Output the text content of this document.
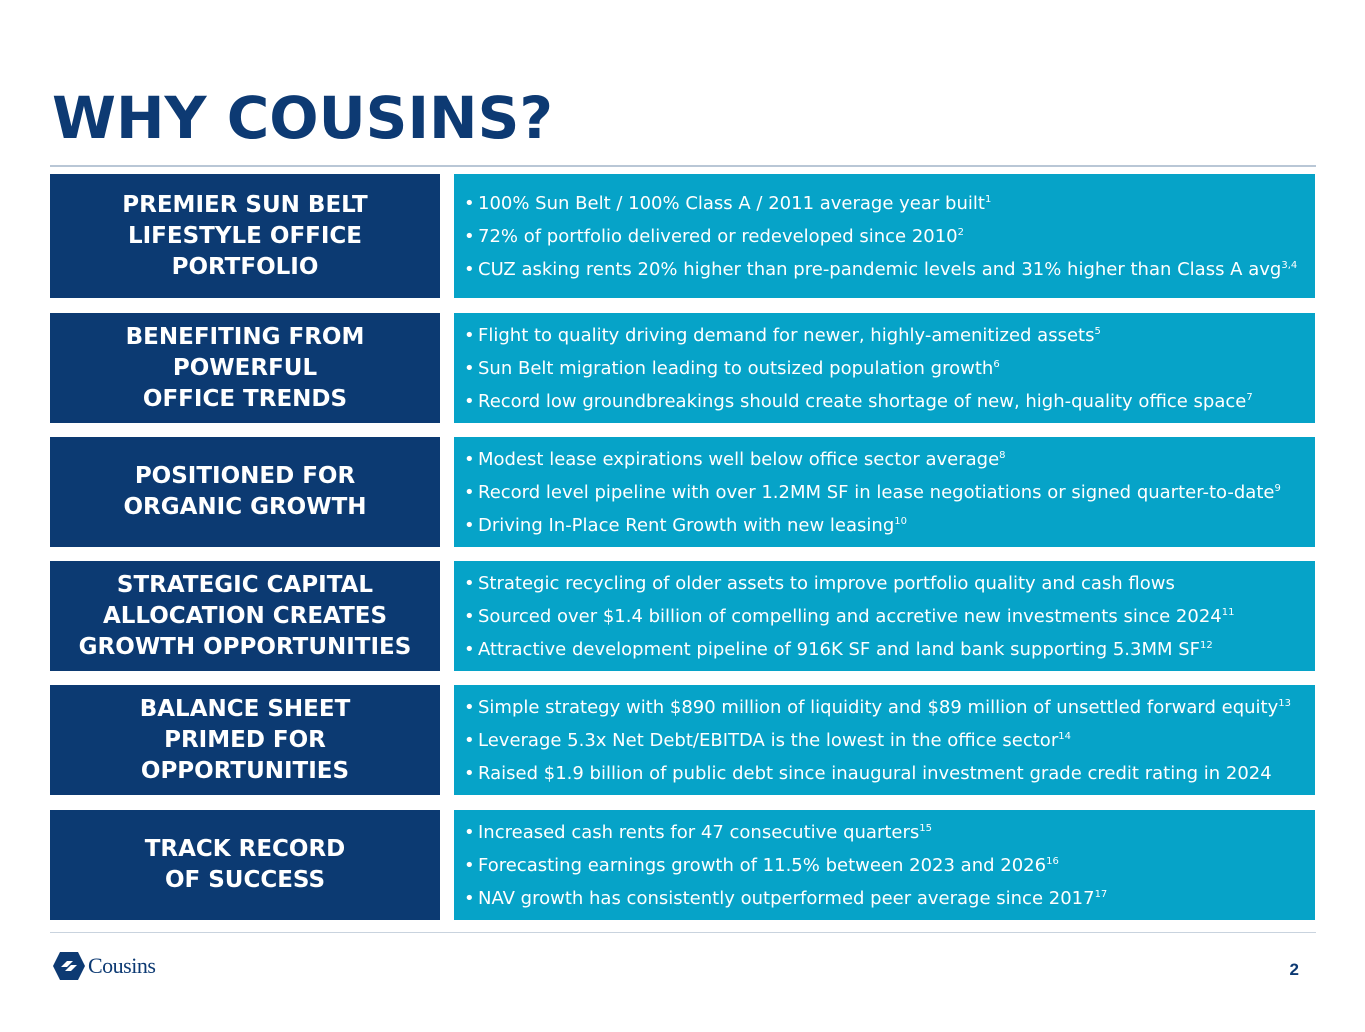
WHY COUSINS?
PREMIER SUN BELT
LIFESTYLE OFFICE
PORTFOLIO
• 100% Sun Belt / 100% Class A / 2011 average year built$^1$
• 72% of portfolio delivered or redeveloped since 2010$^2$
• CUZ asking rents 20% higher than pre-pandemic levels and 31% higher than Class A avg$^{3,4}$
BENEFITING FROM
POWERFUL
OFFICE TRENDS
• Flight to quality driving demand for newer, highly-amenitized assets$^5$
• Sun Belt migration leading to outsized population growth$^6$
• Record low groundbreakings should create shortage of new, high-quality office space$^7$
POSITIONED FOR
ORGANIC GROWTH
• Modest lease expirations well below office sector average$^8$
• Record level pipeline with over 1.2MM SF in lease negotiations or signed quarter-to-date$^9$
• Driving In-Place Rent Growth with new leasing$^{10}$
STRATEGIC CAPITAL
ALLOCATION CREATES
GROWTH OPPORTUNITIES
• Strategic recycling of older assets to improve portfolio quality and cash flows
• Sourced over $1.4 billion of compelling and accretive new investments since 2024$^{11}$
• Attractive development pipeline of 916K SF and land bank supporting 5.3MM SF$^{12}$
BALANCE SHEET
PRIMED FOR
OPPORTUNITIES
• Simple strategy with $890 million of liquidity and $89 million of unsettled forward equity$^{13}$
• Leverage 5.3x Net Debt/EBITDA is the lowest in the office sector$^{14}$
• Raised $1.9 billion of public debt since inaugural investment grade credit rating in 2024
TRACK RECORD
OF SUCCESS
• Increased cash rents for 47 consecutive quarters$^{15}$
• Forecasting earnings growth of 11.5% between 2023 and 2026$^{16}$
• NAV growth has consistently outperformed peer average since 2017$^{17}$
Cousins	2
